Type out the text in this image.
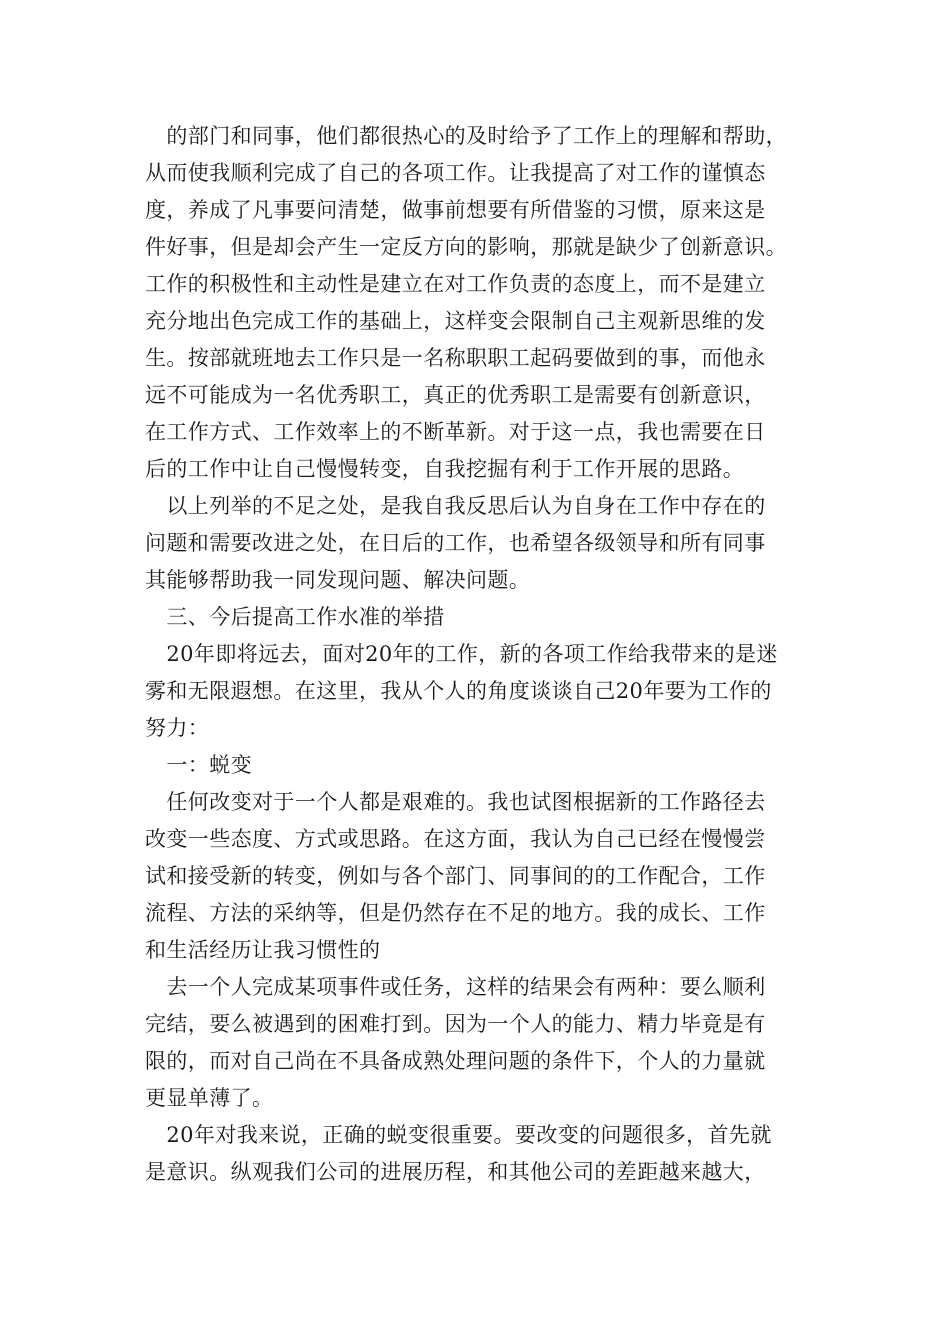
　的部门和同事，他们都很热心的及时给予了工作上的理解和帮助，
从而使我顺利完成了自己的各项工作。让我提高了对工作的谨慎态
度，养成了凡事要问清楚，做事前想要有所借鉴的习惯，原来这是
件好事，但是却会产生一定反方向的影响，那就是缺少了创新意识。
工作的积极性和主动性是建立在对工作负责的态度上，而不是建立
充分地出色完成工作的基础上，这样变会限制自己主观新思维的发
生。按部就班地去工作只是一名称职职工起码要做到的事，而他永
远不可能成为一名优秀职工，真正的优秀职工是需要有创新意识，
在工作方式、工作效率上的不断革新。对于这一点，我也需要在日
后的工作中让自己慢慢转变，自我挖掘有利于工作开展的思路。
　以上列举的不足之处，是我自我反思后认为自身在工作中存在的
问题和需要改进之处，在日后的工作，也希望各级领导和所有同事
其能够帮助我一同发现问题、解决问题。
　三、今后提高工作水准的举措
　20年即将远去，面对20年的工作，新的各项工作给我带来的是迷
雾和无限遐想。在这里，我从个人的角度谈谈自己20年要为工作的
努力：
　一：蜕变
　任何改变对于一个人都是艰难的。我也试图根据新的工作路径去
改变一些态度、方式或思路。在这方面，我认为自己已经在慢慢尝
试和接受新的转变，例如与各个部门、同事间的的工作配合，工作
流程、方法的采纳等，但是仍然存在不足的地方。我的成长、工作
和生活经历让我习惯性的
　去一个人完成某项事件或任务，这样的结果会有两种：要么顺利
完结，要么被遇到的困难打到。因为一个人的能力、精力毕竟是有
限的，而对自己尚在不具备成熟处理问题的条件下，个人的力量就
更显单薄了。
　20年对我来说，正确的蜕变很重要。要改变的问题很多，首先就
是意识。纵观我们公司的进展历程，和其他公司的差距越来越大，
